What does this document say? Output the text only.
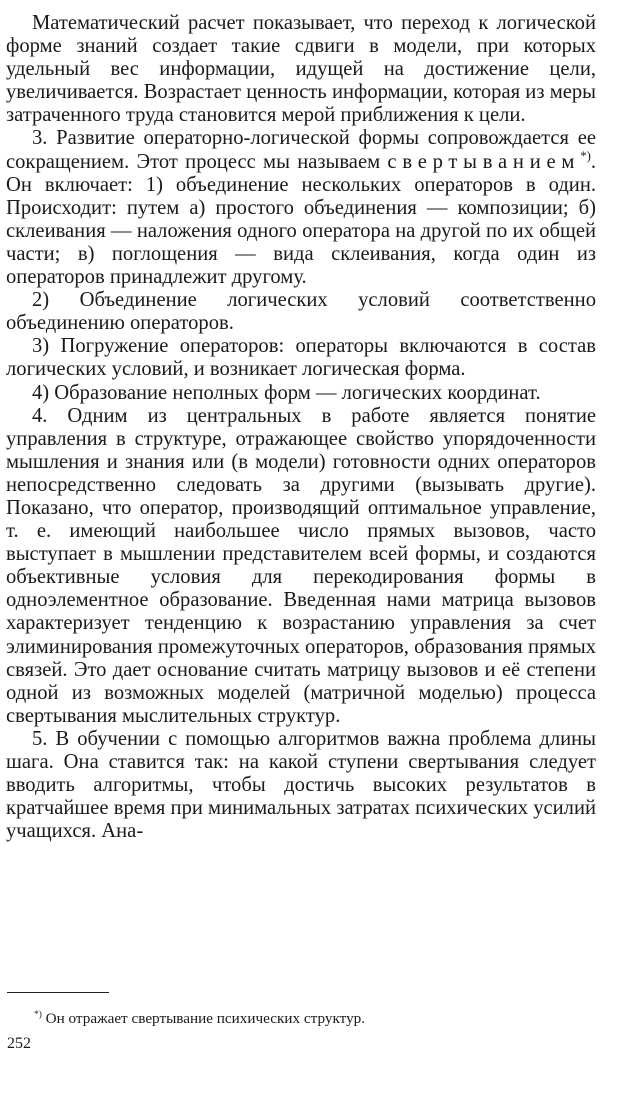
Математический расчет показывает, что переход к логической форме знаний создает такие сдвиги в модели, при которых удельный вес информации, идущей на достижение цели, увеличивается. Возрастает ценность информации, которая из меры затраченного труда становится мерой приближения к цели.

3. Развитие операторно-логической формы сопровождается ее сокращением. Этот процесс мы называем свертыванием*). Он включает: 1) объединение нескольких операторов в один. Происходит: путем а) простого объединения — композиции; б) склеивания — наложения одного оператора на другой по их общей части; в) поглощения — вида склеивания, когда один из операторов принадлежит другому.

2) Объединение логических условий соответственно объединению операторов.

3) Погружение операторов: операторы включаются в состав логических условий, и возникает логическая форма.

4) Образование неполных форм — логических координат.

4. Одним из центральных в работе является понятие управления в структуре, отражающее свойство упорядоченности мышления и знания или (в модели) готовности одних операторов непосредственно следовать за другими (вызывать другие). Показано, что оператор, производящий оптимальное управление, т. е. имеющий наибольшее число прямых вызовов, часто выступает в мышлении представителем всей формы, и создаются объективные условия для перекодирования формы в одноэлементное образование. Введенная нами матрица вызовов характеризует тенденцию к возрастанию управления за счет элиминирования промежуточных операторов, образования прямых связей. Это дает основание считать матрицу вызовов и её степени одной из возможных моделей (матричной моделью) процесса свертывания мыслительных структур.

5. В обучении с помощью алгоритмов важна проблема длины шага. Она ставится так: на какой ступени свертывания следует вводить алгоритмы, чтобы достичь высоких результатов в кратчайшее время при минимальных затратах психических усилий учащихся. Ана-

*) Он отражает свертывание психических структур.
252
